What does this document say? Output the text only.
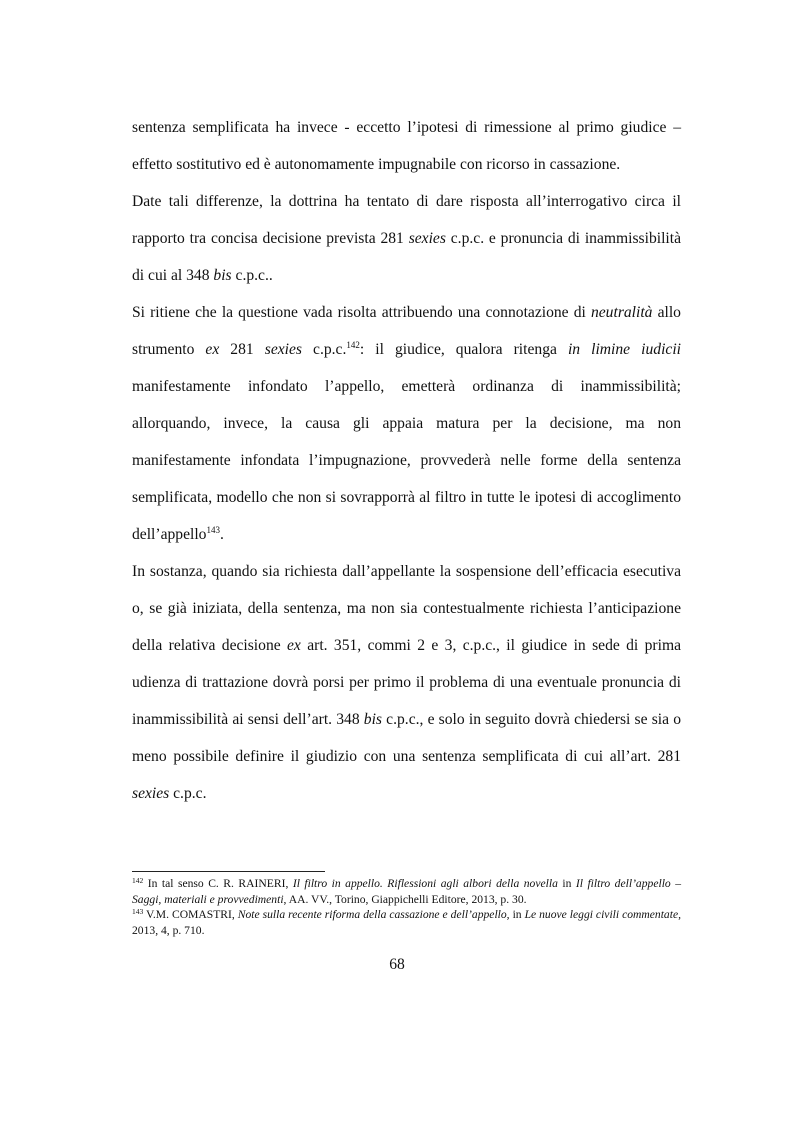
sentenza semplificata ha invece - eccetto l’ipotesi di rimessione al primo giudice – effetto sostitutivo ed è autonomamente impugnabile con ricorso in cassazione.

Date tali differenze, la dottrina ha tentato di dare risposta all’interrogativo circa il rapporto tra concisa decisione prevista 281 sexies c.p.c. e pronuncia di inammissibilità di cui al 348 bis c.p.c..

Si ritiene che la questione vada risolta attribuendo una connotazione di neutralità allo strumento ex 281 sexies c.p.c.$^{142}$: il giudice, qualora ritenga in limine iudicii manifestamente infondato l’appello, emetterà ordinanza di inammissibilità; allorquando, invece, la causa gli appaia matura per la decisione, ma non manifestamente infondata l’impugnazione, provvederà nelle forme della sentenza semplificata, modello che non si sovrapporrà al filtro in tutte le ipotesi di accoglimento dell’appello$^{143}$.

In sostanza, quando sia richiesta dall’appellante la sospensione dell’efficacia esecutiva o, se già iniziata, della sentenza, ma non sia contestualmente richiesta l’anticipazione della relativa decisione ex art. 351, commi 2 e 3, c.p.c., il giudice in sede di prima udienza di trattazione dovrà porsi per primo il problema di una eventuale pronuncia di inammissibilità ai sensi dell’art. 348 bis c.p.c., e solo in seguito dovrà chiedersi se sia o meno possibile definire il giudizio con una sentenza semplificata di cui all’art. 281 sexies c.p.c.

$^{142}$ In tal senso C. R. RAINERI, Il filtro in appello. Riflessioni agli albori della novella in Il filtro dell’appello – Saggi, materiali e provvedimenti, AA. VV., Torino, Giappichelli Editore, 2013, p. 30.

$^{143}$ V.M. COMASTRI, Note sulla recente riforma della cassazione e dell’appello, in Le nuove leggi civili commentate, 2013, 4, p. 710.

68
